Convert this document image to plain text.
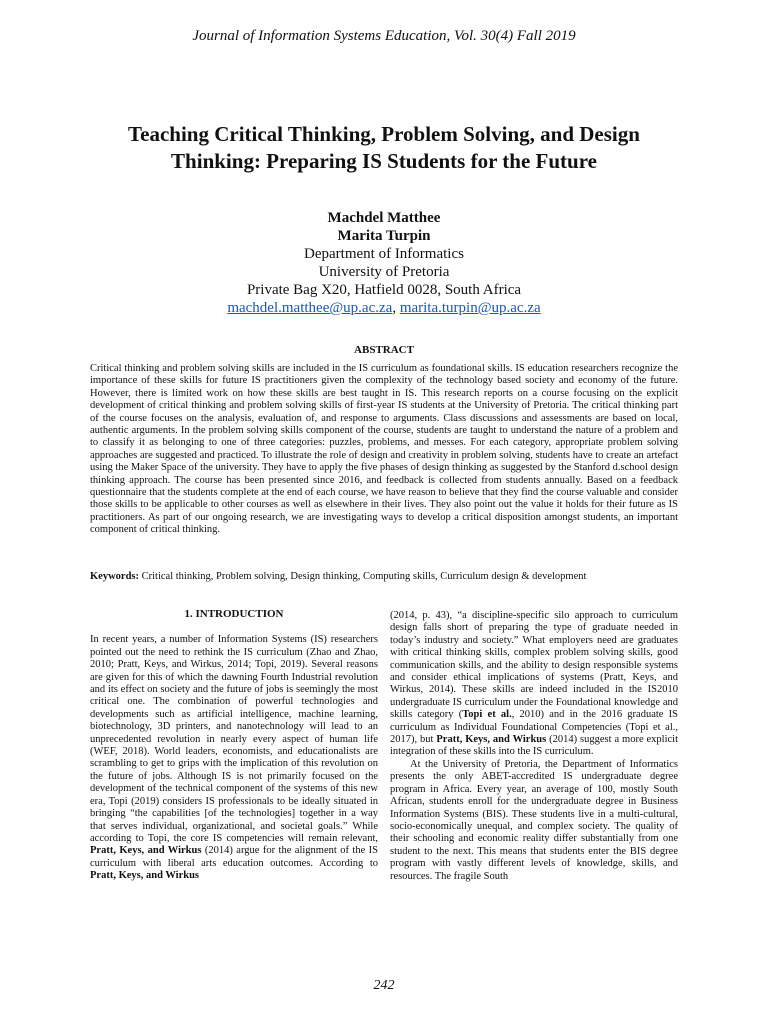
Journal of Information Systems Education, Vol. 30(4) Fall 2019
Teaching Critical Thinking, Problem Solving, and Design
Thinking: Preparing IS Students for the Future
Machdel Matthee
Marita Turpin
Department of Informatics
University of Pretoria
Private Bag X20, Hatfield 0028, South Africa
machdel.matthee@up.ac.za, marita.turpin@up.ac.za
ABSTRACT
Critical thinking and problem solving skills are included in the IS curriculum as foundational skills. IS education researchers recognize the importance of these skills for future IS practitioners given the complexity of the technology based society and economy of the future. However, there is limited work on how these skills are best taught in IS. This research reports on a course focusing on the explicit development of critical thinking and problem solving skills of first-year IS students at the University of Pretoria. The critical thinking part of the course focuses on the analysis, evaluation of, and response to arguments. Class discussions and assessments are based on local, authentic arguments. In the problem solving skills component of the course, students are taught to understand the nature of a problem and to classify it as belonging to one of three categories: puzzles, problems, and messes. For each category, appropriate problem solving approaches are suggested and practiced. To illustrate the role of design and creativity in problem solving, students have to create an artefact using the Maker Space of the university. They have to apply the five phases of design thinking as suggested by the Stanford d.school design thinking approach. The course has been presented since 2016, and feedback is collected from students annually. Based on a feedback questionnaire that the students complete at the end of each course, we have reason to believe that they find the course valuable and consider those skills to be applicable to other courses as well as elsewhere in their lives. They also point out the value it holds for their future as IS practitioners. As part of our ongoing research, we are investigating ways to develop a critical disposition amongst students, an important component of critical thinking.
Keywords: Critical thinking, Problem solving, Design thinking, Computing skills, Curriculum design & development
1. INTRODUCTION

In recent years, a number of Information Systems (IS) researchers pointed out the need to rethink the IS curriculum (Zhao and Zhao, 2010; Pratt, Keys, and Wirkus, 2014; Topi, 2019). Several reasons are given for this of which the dawning Fourth Industrial revolution and its effect on society and the future of jobs is seemingly the most critical one. The combination of powerful technologies and developments such as artificial intelligence, machine learning, biotechnology, 3D printers, and nanotechnology will lead to an unprecedented revolution in nearly every aspect of human life (WEF, 2018). World leaders, economists, and educationalists are scrambling to get to grips with the implication of this revolution on the future of jobs. Although IS is not primarily focused on the development of the technical component of the systems of this new era, Topi (2019) considers IS professionals to be ideally situated in bringing “the capabilities [of the technologies] together in a way that serves individual, organizational, and societal goals.” While according to Topi, the core IS competencies will remain relevant, Pratt, Keys, and Wirkus (2014) argue for the alignment of the IS curriculum with liberal arts education outcomes. According to Pratt, Keys, and Wirkus

(2014, p. 43), “a discipline-specific silo approach to curriculum design falls short of preparing the type of graduate needed in today’s industry and society.” What employers need are graduates with critical thinking skills, complex problem solving skills, good communication skills, and the ability to design responsible systems and consider ethical implications of systems (Pratt, Keys, and Wirkus, 2014). These skills are indeed included in the IS2010 undergraduate IS curriculum under the Foundational knowledge and skills category (Topi et al., 2010) and in the 2016 graduate IS curriculum as Individual Foundational Competencies (Topi et al., 2017), but Pratt, Keys, and Wirkus (2014) suggest a more explicit integration of these skills into the IS curriculum.

At the University of Pretoria, the Department of Informatics presents the only ABET-accredited IS undergraduate degree program in Africa. Every year, an average of 100, mostly South African, students enroll for the undergraduate degree in Business Information Systems (BIS). These students live in a multi-cultural, socio-economically unequal, and complex society. The quality of their schooling and economic reality differ substantially from one student to the next. This means that students enter the BIS degree program with vastly different levels of knowledge, skills, and resources. The fragile South

242
